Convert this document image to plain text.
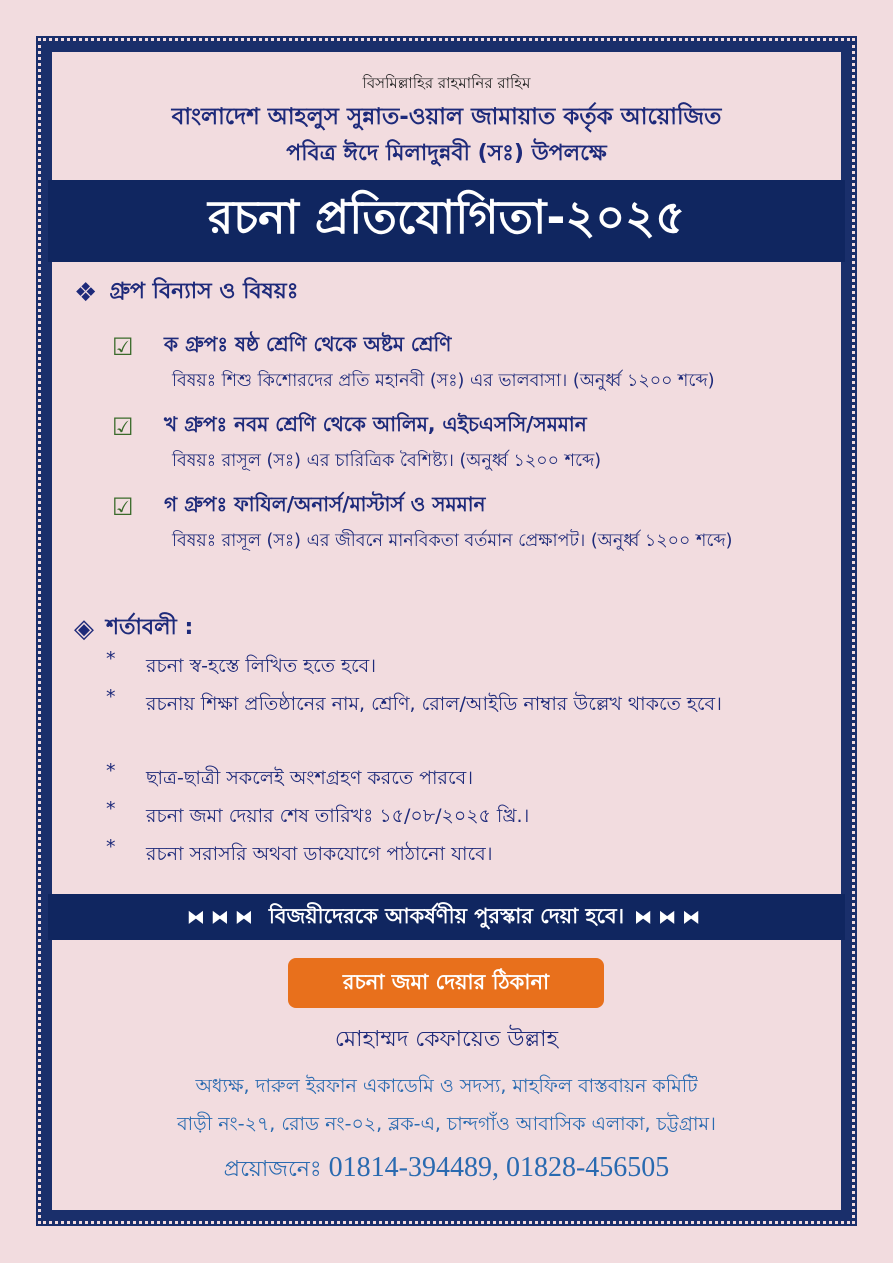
বিসমিল্লাহির রাহমানির রাহিম
বাংলাদেশ আহলুস সুন্নাত-ওয়াল জামায়াত কর্তৃক আয়োজিত
পবিত্র ঈদে মিলাদুন্নবী (সঃ) উপলক্ষে
রচনা প্রতিযোগিতা-২০২৫
❖ গ্রুপ বিন্যাস ও বিষয়ঃ
☑ ক গ্রুপঃ ষষ্ঠ শ্রেণি থেকে অষ্টম শ্রেণি
বিষয়ঃ শিশু কিশোরদের প্রতি মহানবী (সঃ) এর ভালবাসা। (অনুর্ধ্ব ১২০০ শব্দে)
☑ খ গ্রুপঃ নবম শ্রেণি থেকে আলিম, এইচএসসি/সমমান
বিষয়ঃ রাসূল (সঃ) এর চারিত্রিক বৈশিষ্ট্য। (অনুর্ধ্ব ১২০০ শব্দে)
☑ গ গ্রুপঃ ফাযিল/অনার্স/মাস্টার্স ও সমমান
বিষয়ঃ রাসূল (সঃ) এর জীবনে মানবিকতা বর্তমান প্রেক্ষাপট। (অনুর্ধ্ব ১২০০ শব্দে)
◈ শর্তাবলী :
*	রচনা স্ব-হস্তে লিখিত হতে হবে।
*	রচনায় শিক্ষা প্রতিষ্ঠানের নাম, শ্রেণি, রোল/আইডি নাম্বার উল্লেখ থাকতে হবে।
*	ছাত্র-ছাত্রী সকলেই অংশগ্রহণ করতে পারবে।
*	রচনা জমা দেয়ার শেষ তারিখঃ ১৫/০৮/২০২৫ খ্রি.।
*	রচনা সরাসরি অথবা ডাকযোগে পাঠানো যাবে।
⧓⧓⧓ বিজয়ীদেরকে আকর্ষণীয় পুরস্কার দেয়া হবে। ⧓⧓⧓
রচনা জমা দেয়ার ঠিকানা
মোহাম্মদ কেফায়েত উল্লাহ
অধ্যক্ষ, দারুল ইরফান একাডেমি ও সদস্য, মাহফিল বাস্তবায়ন কমিটি
বাড়ী নং-২৭, রোড নং-০২, ব্লক-এ, চান্দগাঁও আবাসিক এলাকা, চট্টগ্রাম।
প্রয়োজনেঃ 01814-394489, 01828-456505
